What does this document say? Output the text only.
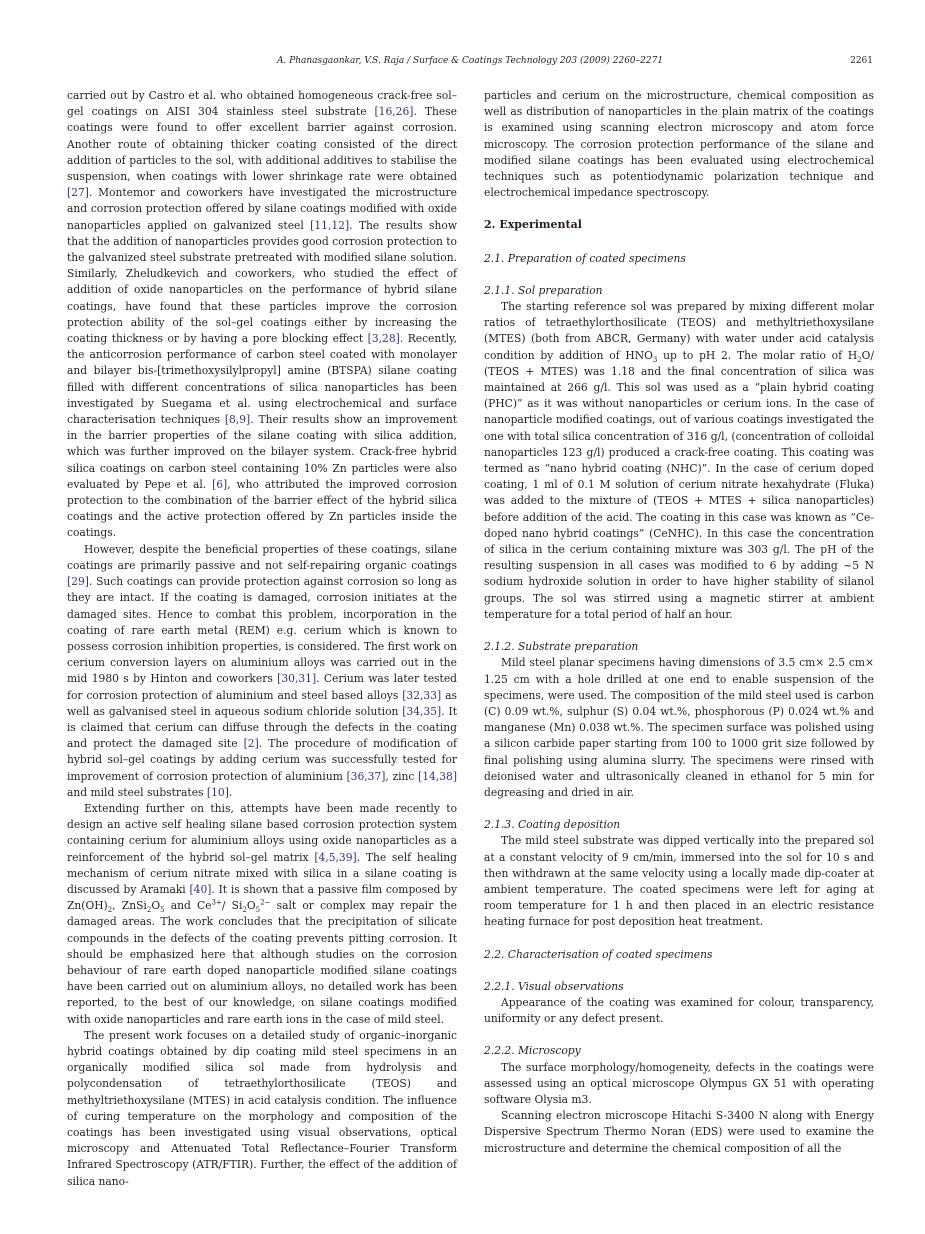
A. Phanasgaonkar, V.S. Raja / Surface & Coatings Technology 203 (2009) 2260–2271	2261

carried out by Castro et al. who obtained homogeneous crack-free sol–gel coatings on AISI 304 stainless steel substrate [16,26]. These coatings were found to offer excellent barrier against corrosion. Another route of obtaining thicker coating consisted of the direct addition of particles to the sol, with additional additives to stabilise the suspension, when coatings with lower shrinkage rate were obtained [27]. Montemor and coworkers have investigated the microstructure and corrosion protection offered by silane coatings modified with oxide nanoparticles applied on galvanized steel [11,12]. The results show that the addition of nanoparticles provides good corrosion protection to the galvanized steel substrate pretreated with modified silane solution. Similarly, Zheludkevich and coworkers, who studied the effect of addition of oxide nanoparticles on the performance of hybrid silane coatings, have found that these particles improve the corrosion protection ability of the sol–gel coatings either by increasing the coating thickness or by having a pore blocking effect [3,28]. Recently, the anticorrosion performance of carbon steel coated with monolayer and bilayer bis-[trimethoxysilylpropyl] amine (BTSPA) silane coating filled with different concentrations of silica nanoparticles has been investigated by Suegama et al. using electrochemical and surface characterisation techniques [8,9]. Their results show an improvement in the barrier properties of the silane coating with silica addition, which was further improved on the bilayer system. Crack-free hybrid silica coatings on carbon steel containing 10% Zn particles were also evaluated by Pepe et al. [6], who attributed the improved corrosion protection to the combination of the barrier effect of the hybrid silica coatings and the active protection offered by Zn particles inside the coatings.

However, despite the beneficial properties of these coatings, silane coatings are primarily passive and not self-repairing organic coatings [29]. Such coatings can provide protection against corrosion so long as they are intact. If the coating is damaged, corrosion initiates at the damaged sites. Hence to combat this problem, incorporation in the coating of rare earth metal (REM) e.g. cerium which is known to possess corrosion inhibition properties, is considered. The first work on cerium conversion layers on aluminium alloys was carried out in the mid 1980 s by Hinton and coworkers [30,31]. Cerium was later tested for corrosion protection of aluminium and steel based alloys [32,33] as well as galvanised steel in aqueous sodium chloride solution [34,35]. It is claimed that cerium can diffuse through the defects in the coating and protect the damaged site [2]. The procedure of modification of hybrid sol–gel coatings by adding cerium was successfully tested for improvement of corrosion protection of aluminium [36,37], zinc [14,38] and mild steel substrates [10].

Extending further on this, attempts have been made recently to design an active self healing silane based corrosion protection system containing cerium for aluminium alloys using oxide nanoparticles as a reinforcement of the hybrid sol–gel matrix [4,5,39]. The self healing mechanism of cerium nitrate mixed with silica in a silane coating is discussed by Aramaki [40]. It is shown that a passive film composed by $Zn(OH)_2$, $ZnSi_2O_5$ and $Ce^{3+}/$ $Si_2O_5^{2-}$ salt or complex may repair the damaged areas. The work concludes that the precipitation of silicate compounds in the defects of the coating prevents pitting corrosion. It should be emphasized here that although studies on the corrosion behaviour of rare earth doped nanoparticle modified silane coatings have been carried out on aluminium alloys, no detailed work has been reported, to the best of our knowledge, on silane coatings modified with oxide nanoparticles and rare earth ions in the case of mild steel.

The present work focuses on a detailed study of organic–inorganic hybrid coatings obtained by dip coating mild steel specimens in an organically modified silica sol made from hydrolysis and polycondensation of tetraethylorthosilicate (TEOS) and methyltriethoxysilane (MTES) in acid catalysis condition. The influence of curing temperature on the morphology and composition of the coatings has been investigated using visual observations, optical microscopy and Attenuated Total Reflectance–Fourier Transform Infrared Spectroscopy (ATR/FTIR). Further, the effect of the addition of silica nano-

particles and cerium on the microstructure, chemical composition as well as distribution of nanoparticles in the plain matrix of the coatings is examined using scanning electron microscopy and atom force microscopy. The corrosion protection performance of the silane and modified silane coatings has been evaluated using electrochemical techniques such as potentiodynamic polarization technique and electrochemical impedance spectroscopy.

2. Experimental
2.1. Preparation of coated specimens
2.1.1. Sol preparation

The starting reference sol was prepared by mixing different molar ratios of tetraethylorthosilicate (TEOS) and methyltriethoxysilane (MTES) (both from ABCR, Germany) with water under acid catalysis condition by addition of $HNO_3$ up to pH 2. The molar ratio of $H_2O/$ (TEOS + MTES) was 1.18 and the final concentration of silica was maintained at 266 g/l. This sol was used as a “plain hybrid coating (PHC)” as it was without nanoparticles or cerium ions. In the case of nanoparticle modified coatings, out of various coatings investigated the one with total silica concentration of 316 g/l, (concentration of colloidal nanoparticles 123 g/l) produced a crack-free coating. This coating was termed as “nano hybrid coating (NHC)”. In the case of cerium doped coating, 1 ml of 0.1 M solution of cerium nitrate hexahydrate (Fluka) was added to the mixture of (TEOS + MTES + silica nanoparticles) before addition of the acid. The coating in this case was known as “Ce-doped nano hybrid coatings” (CeNHC). In this case the concentration of silica in the cerium containing mixture was 303 g/l. The pH of the resulting suspension in all cases was modified to 6 by adding ~5 N sodium hydroxide solution in order to have higher stability of silanol groups. The sol was stirred using a magnetic stirrer at ambient temperature for a total period of half an hour.

2.1.2. Substrate preparation

Mild steel planar specimens having dimensions of 3.5 cm× 2.5 cm× 1.25 cm with a hole drilled at one end to enable suspension of the specimens, were used. The composition of the mild steel used is carbon (C) 0.09 wt.%, sulphur (S) 0.04 wt.%, phosphorous (P) 0.024 wt.% and manganese (Mn) 0.038 wt.%. The specimen surface was polished using a silicon carbide paper starting from 100 to 1000 grit size followed by final polishing using alumina slurry. The specimens were rinsed with deionised water and ultrasonically cleaned in ethanol for 5 min for degreasing and dried in air.

2.1.3. Coating deposition

The mild steel substrate was dipped vertically into the prepared sol at a constant velocity of 9 cm/min, immersed into the sol for 10 s and then withdrawn at the same velocity using a locally made dip-coater at ambient temperature. The coated specimens were left for aging at room temperature for 1 h and then placed in an electric resistance heating furnace for post deposition heat treatment.

2.2. Characterisation of coated specimens
2.2.1. Visual observations

Appearance of the coating was examined for colour, transparency, uniformity or any defect present.

2.2.2. Microscopy

The surface morphology/homogeneity, defects in the coatings were assessed using an optical microscope Olympus GX 51 with operating software Olysia m3.

Scanning electron microscope Hitachi S-3400 N along with Energy Dispersive Spectrum Thermo Noran (EDS) were used to examine the microstructure and determine the chemical composition of all the
